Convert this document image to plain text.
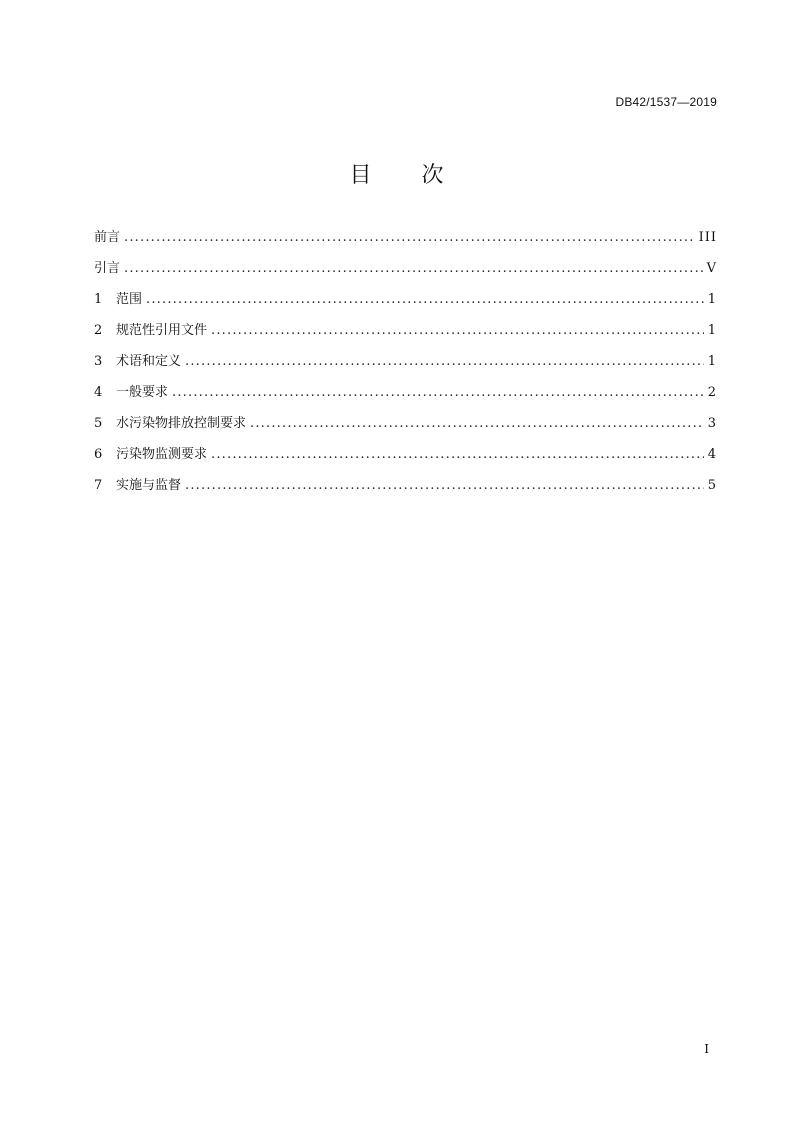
DB42/1537—2019
目 次
前言 .....	III
引言 .....	V
1	范围 .....	1
2	规范性引用文件 .....	1
3	术语和定义 .....	1
4	一般要求 .....	2
5	水污染物排放控制要求 .....	3
6	污染物监测要求 .....	4
7	实施与监督 .....	5
I
